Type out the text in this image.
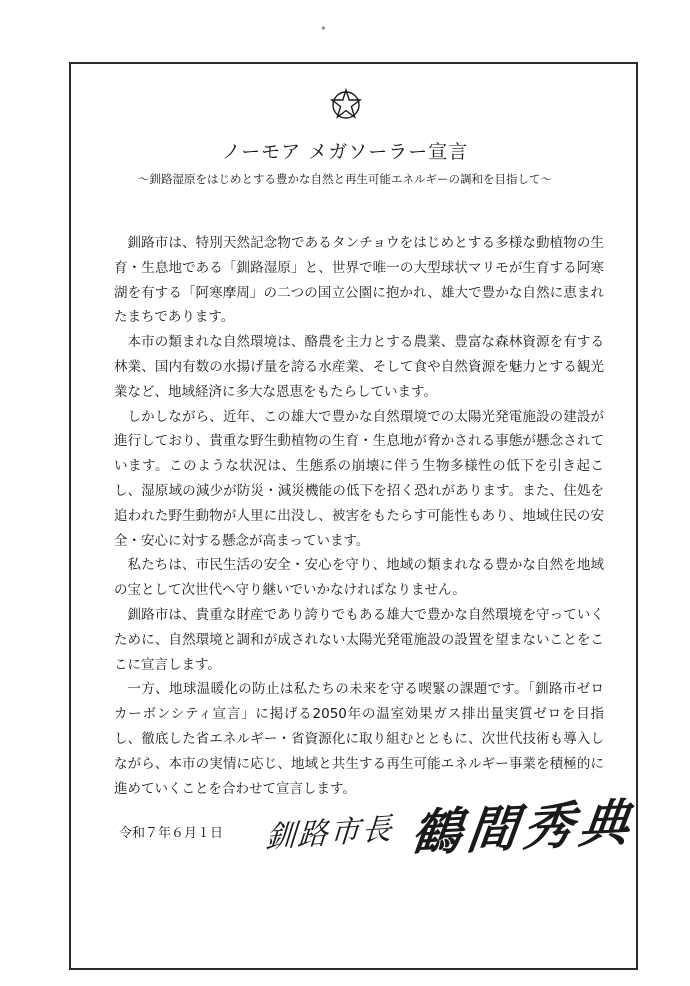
✦
ノーモア メガソーラー宣言
～釧路湿原をはじめとする豊かな自然と再生可能エネルギーの調和を目指して～

釧路市は、特別天然記念物であるタンチョウをはじめとする多様な動植物の生育・生息地である「釧路湿原」と、世界で唯一の大型球状マリモが生育する阿寒湖を有する「阿寒摩周」の二つの国立公園に抱かれ、雄大で豊かな自然に恵まれたまちであります。

本市の類まれな自然環境は、酪農を主力とする農業、豊富な森林資源を有する林業、国内有数の水揚げ量を誇る水産業、そして食や自然資源を魅力とする観光業など、地域経済に多大な恩恵をもたらしています。

しかしながら、近年、この雄大で豊かな自然環境での太陽光発電施設の建設が進行しており、貴重な野生動植物の生育・生息地が脅かされる事態が懸念されています。このような状況は、生態系の崩壊に伴う生物多様性の低下を引き起こし、湿原域の減少が防災・減災機能の低下を招く恐れがあります。また、住処を追われた野生動物が人里に出没し、被害をもたらす可能性もあり、地域住民の安全・安心に対する懸念が高まっています。

私たちは、市民生活の安全・安心を守り、地域の類まれなる豊かな自然を地域の宝として次世代へ守り継いでいかなければなりません。

釧路市は、貴重な財産であり誇りでもある雄大で豊かな自然環境を守っていくために、自然環境と調和が成されない太陽光発電施設の設置を望まないことをここに宣言します。

一方、地球温暖化の防止は私たちの未来を守る喫緊の課題です。「釧路市ゼロカーボンシティ宣言」に掲げる2050年の温室効果ガス排出量実質ゼロを目指し、徹底した省エネルギー・省資源化に取り組むとともに、次世代技術も導入しながら、本市の実情に応じ、地域と共生する再生可能エネルギー事業を積極的に進めていくことを合わせて宣言します。

令和７年６月１日 釧路市長 鶴間秀典
